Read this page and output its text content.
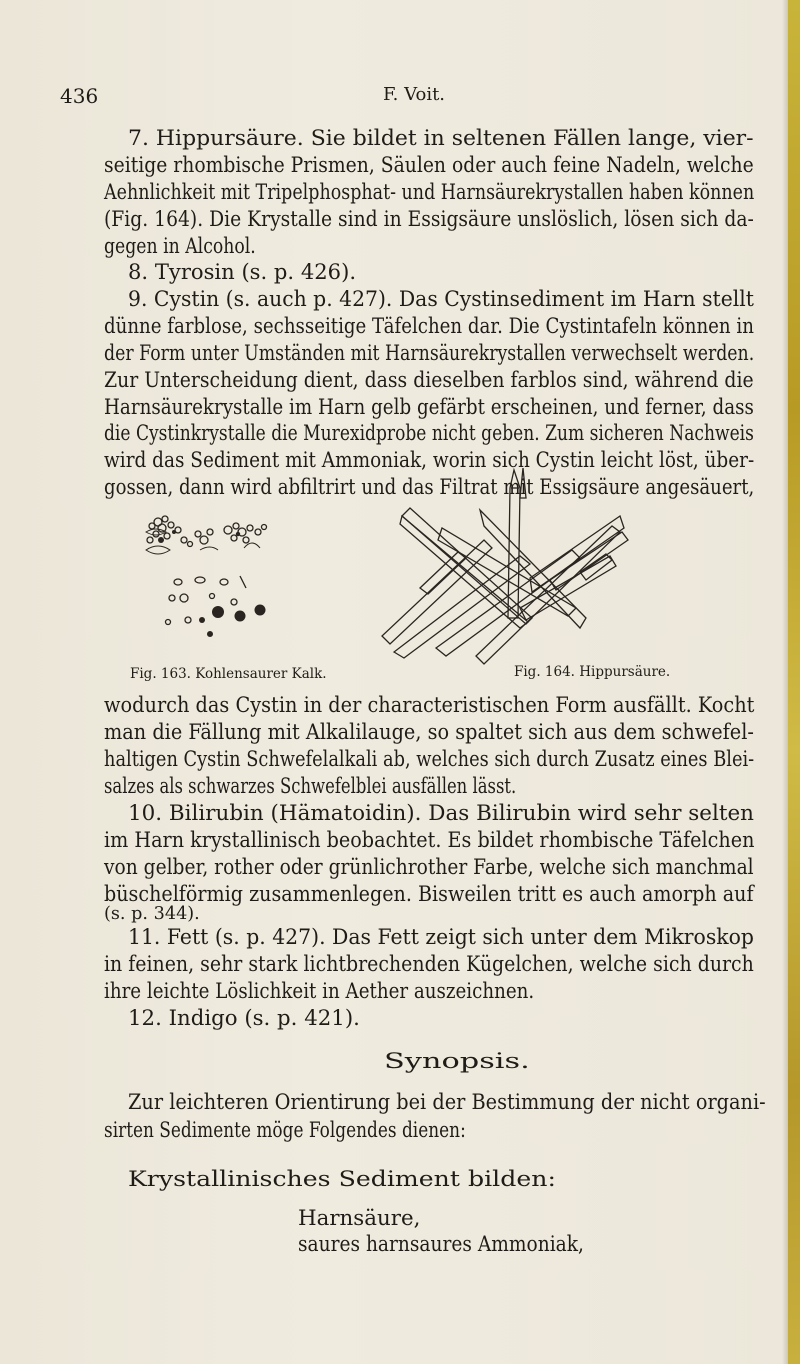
436	F. Voit.
7. Hippursäure. Sie bildet in seltenen Fällen lange, vier-
seitige rhombische Prismen, Säulen oder auch feine Nadeln, welche
Aehnlichkeit mit Tripelphosphat- und Harnsäurekrystallen haben können
(Fig. 164). Die Krystalle sind in Essigsäure unslöslich, lösen sich da-
gegen in Alcohol.
8. Tyrosin (s. p. 426).
9. Cystin (s. auch p. 427). Das Cystinsediment im Harn stellt
dünne farblose, sechsseitige Täfelchen dar. Die Cystintafeln können in
der Form unter Umständen mit Harnsäurekrystallen verwechselt werden.
Zur Unterscheidung dient, dass dieselben farblos sind, während die
Harnsäurekrystalle im Harn gelb gefärbt erscheinen, und ferner, dass
die Cystinkrystalle die Murexidprobe nicht geben. Zum sicheren Nachweis
wird das Sediment mit Ammoniak, worin sich Cystin leicht löst, über-
gossen, dann wird abfiltrirt und das Filtrat mit Essigsäure angesäuert,
Fig. 163. Kohlensaurer Kalk.	Fig. 164. Hippursäure.
wodurch das Cystin in der characteristischen Form ausfällt. Kocht
man die Fällung mit Alkalilauge, so spaltet sich aus dem schwefel-
haltigen Cystin Schwefelalkali ab, welches sich durch Zusatz eines Blei-
salzes als schwarzes Schwefelblei ausfällen lässt.
10. Bilirubin (Hämatoidin). Das Bilirubin wird sehr selten
im Harn krystallinisch beobachtet. Es bildet rhombische Täfelchen
von gelber, rother oder grünlichrother Farbe, welche sich manchmal
büschelförmig zusammenlegen. Bisweilen tritt es auch amorph auf
(s. p. 344).
11. Fett (s. p. 427). Das Fett zeigt sich unter dem Mikroskop
in feinen, sehr stark lichtbrechenden Kügelchen, welche sich durch
ihre leichte Löslichkeit in Aether auszeichnen.
12. Indigo (s. p. 421).
Synopsis.
Zur leichteren Orientirung bei der Bestimmung der nicht organi-
sirten Sedimente möge Folgendes dienen:
Krystallinisches Sediment bilden:
Harnsäure,
saures harnsaures Ammoniak,
